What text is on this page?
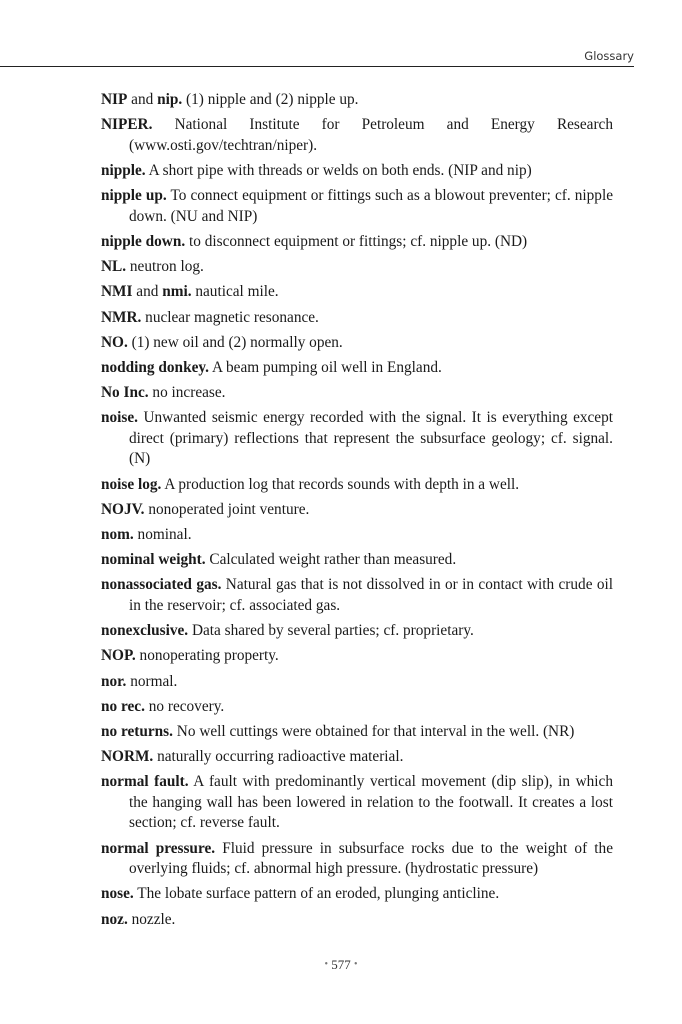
Glossary

NIP and nip. (1) nipple and (2) nipple up.

NIPER. National Institute for Petroleum and Energy Research (www.osti.gov/techtran/niper).

nipple. A short pipe with threads or welds on both ends. (NIP and nip)

nipple up. To connect equipment or fittings such as a blowout preventer; cf. nipple down. (NU and NIP)

nipple down. to disconnect equipment or fittings; cf. nipple up. (ND)

NL. neutron log.

NMI and nmi. nautical mile.

NMR. nuclear magnetic resonance.

NO. (1) new oil and (2) normally open.

nodding donkey. A beam pumping oil well in England.

No Inc. no increase.

noise. Unwanted seismic energy recorded with the signal. It is everything except direct (primary) reflections that represent the subsurface geology; cf. signal. (N)

noise log. A production log that records sounds with depth in a well.

NOJV. nonoperated joint venture.

nom. nominal.

nominal weight. Calculated weight rather than measured.

nonassociated gas. Natural gas that is not dissolved in or in contact with crude oil in the reservoir; cf. associated gas.

nonexclusive. Data shared by several parties; cf. proprietary.

NOP. nonoperating property.

nor. normal.

no rec. no recovery.

no returns. No well cuttings were obtained for that interval in the well. (NR)

NORM. naturally occurring radioactive material.

normal fault. A fault with predominantly vertical movement (dip slip), in which the hanging wall has been lowered in relation to the footwall. It creates a lost section; cf. reverse fault.

normal pressure. Fluid pressure in subsurface rocks due to the weight of the overlying fluids; cf. abnormal high pressure. (hydrostatic pressure)

nose. The lobate surface pattern of an eroded, plunging anticline.

noz. nozzle.

• 577 •
